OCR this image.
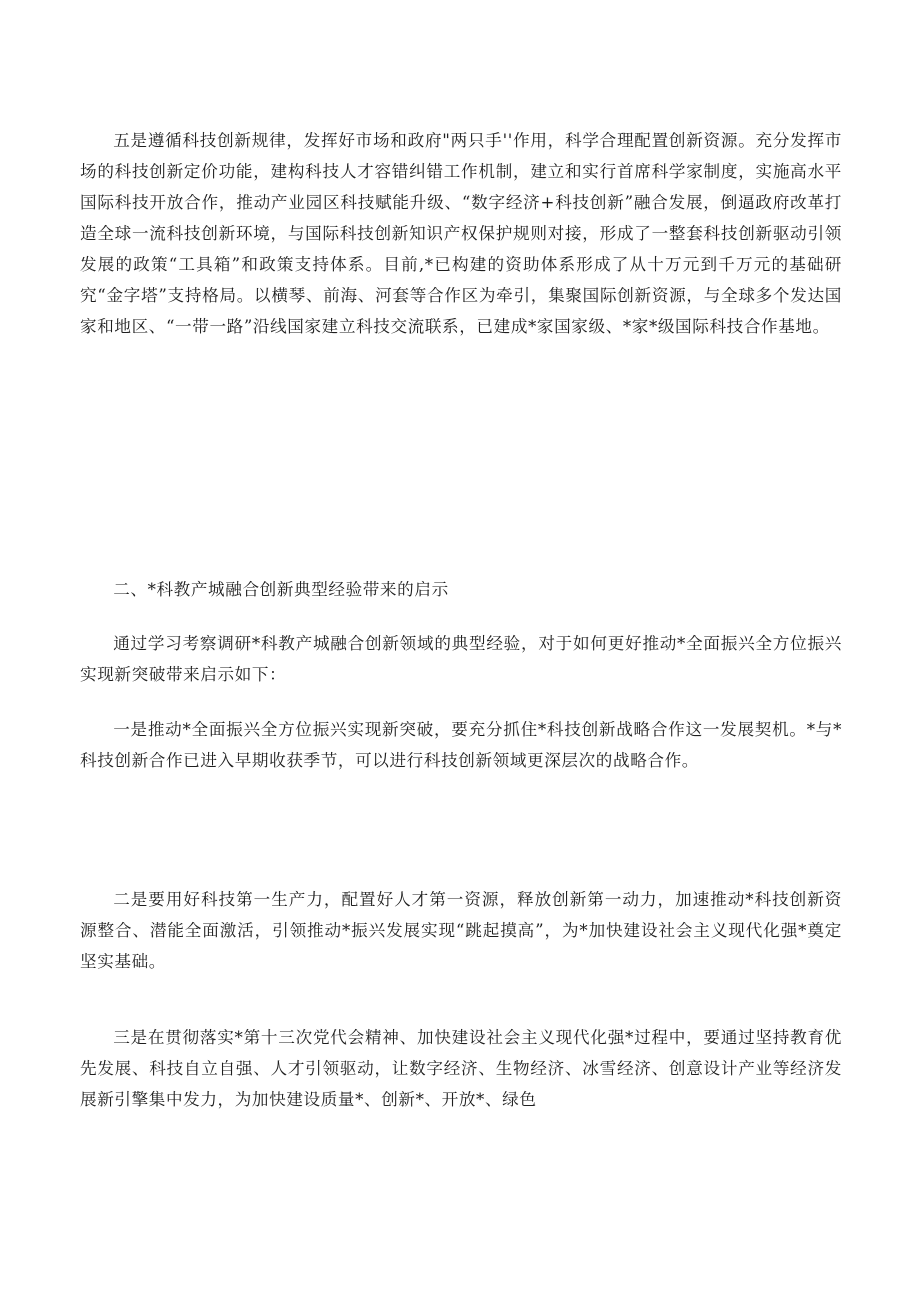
五是遵循科技创新规律，发挥好市场和政府"两只手''作用，科学合理配置创新资源。充分发挥市场的科技创新定价功能，建构科技人才容错纠错工作机制，建立和实行首席科学家制度，实施高水平国际科技开放合作，推动产业园区科技赋能升级、“数字经济+科技创新”融合发展，倒逼政府改革打造全球一流科技创新环境，与国际科技创新知识产权保护规则对接，形成了一整套科技创新驱动引领发展的政策“工具箱”和政策支持体系。目前,*已构建的资助体系形成了从十万元到千万元的基础研究“金字塔”支持格局。以横琴、前海、河套等合作区为牵引，集聚国际创新资源，与全球多个发达国家和地区、“一带一路”沿线国家建立科技交流联系，已建成*家国家级、*家*级国际科技合作基地。

二、*科教产城融合创新典型经验带来的启示

通过学习考察调研*科教产城融合创新领域的典型经验，对于如何更好推动*全面振兴全方位振兴实现新突破带来启示如下：

一是推动*全面振兴全方位振兴实现新突破，要充分抓住*科技创新战略合作这一发展契机。*与*科技创新合作已进入早期收获季节，可以进行科技创新领域更深层次的战略合作。

二是要用好科技第一生产力，配置好人才第一资源，释放创新第一动力，加速推动*科技创新资源整合、潜能全面激活，引领推动*振兴发展实现“跳起摸高”，为*加快建设社会主义现代化强*奠定坚实基础。

三是在贯彻落实*第十三次党代会精神、加快建设社会主义现代化强*过程中，要通过坚持教育优先发展、科技自立自强、人才引领驱动，让数字经济、生物经济、冰雪经济、创意设计产业等经济发展新引擎集中发力，为加快建设质量*、创新*、开放*、绿色
